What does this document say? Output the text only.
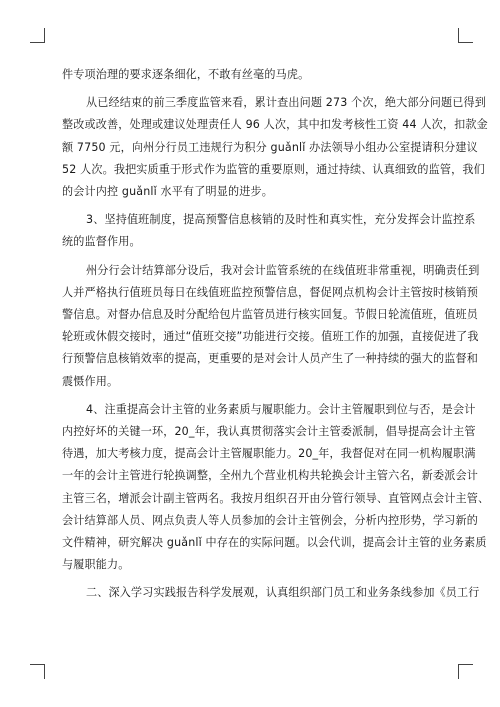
件专项治理的要求逐条细化，不敢有丝毫的马虎。
从已经结束的前三季度监管来看，累计查出问题 273 个次，绝大部分问题已得到
整改或改善，处理或建议处理责任人 96 人次，其中扣发考核性工资 44 人次，扣款金
额 7750 元，向州分行员工违规行为积分 guǎnlǐ 办法领导小组办公室提请积分建议
52 人次。我把实质重于形式作为监管的重要原则，通过持续、认真细致的监管，我们
的会计内控 guǎnlǐ 水平有了明显的进步。
3、坚持值班制度，提高预警信息核销的及时性和真实性，充分发挥会计监控系
统的监督作用。
州分行会计结算部分设后，我对会计监管系统的在线值班非常重视，明确责任到
人并严格执行值班员每日在线值班监控预警信息，督促网点机构会计主管按时核销预
警信息。对督办信息及时分配给包片监管员进行核实回复。节假日轮流值班，值班员
轮班或休假交接时，通过“值班交接”功能进行交接。值班工作的加强，直接促进了我
行预警信息核销效率的提高，更重要的是对会计人员产生了一种持续的强大的监督和
震慑作用。
4、注重提高会计主管的业务素质与履职能力。会计主管履职到位与否，是会计
内控好坏的关键一环，20_年，我认真贯彻落实会计主管委派制，倡导提高会计主管
待遇，加大考核力度，提高会计主管履职能力。20_年，我督促对在同一机构履职满
一年的会计主管进行轮换调整，全州九个营业机构共轮换会计主管六名，新委派会计
主管三名，增派会计副主管两名。我按月组织召开由分管行领导、直管网点会计主管、
会计结算部人员、网点负责人等人员参加的会计主管例会，分析内控形势，学习新的
文件精神，研究解决 guǎnlǐ 中存在的实际问题。以会代训，提高会计主管的业务素质
与履职能力。
二、深入学习实践报告科学发展观，认真组织部门员工和业务条线参加《员工行
